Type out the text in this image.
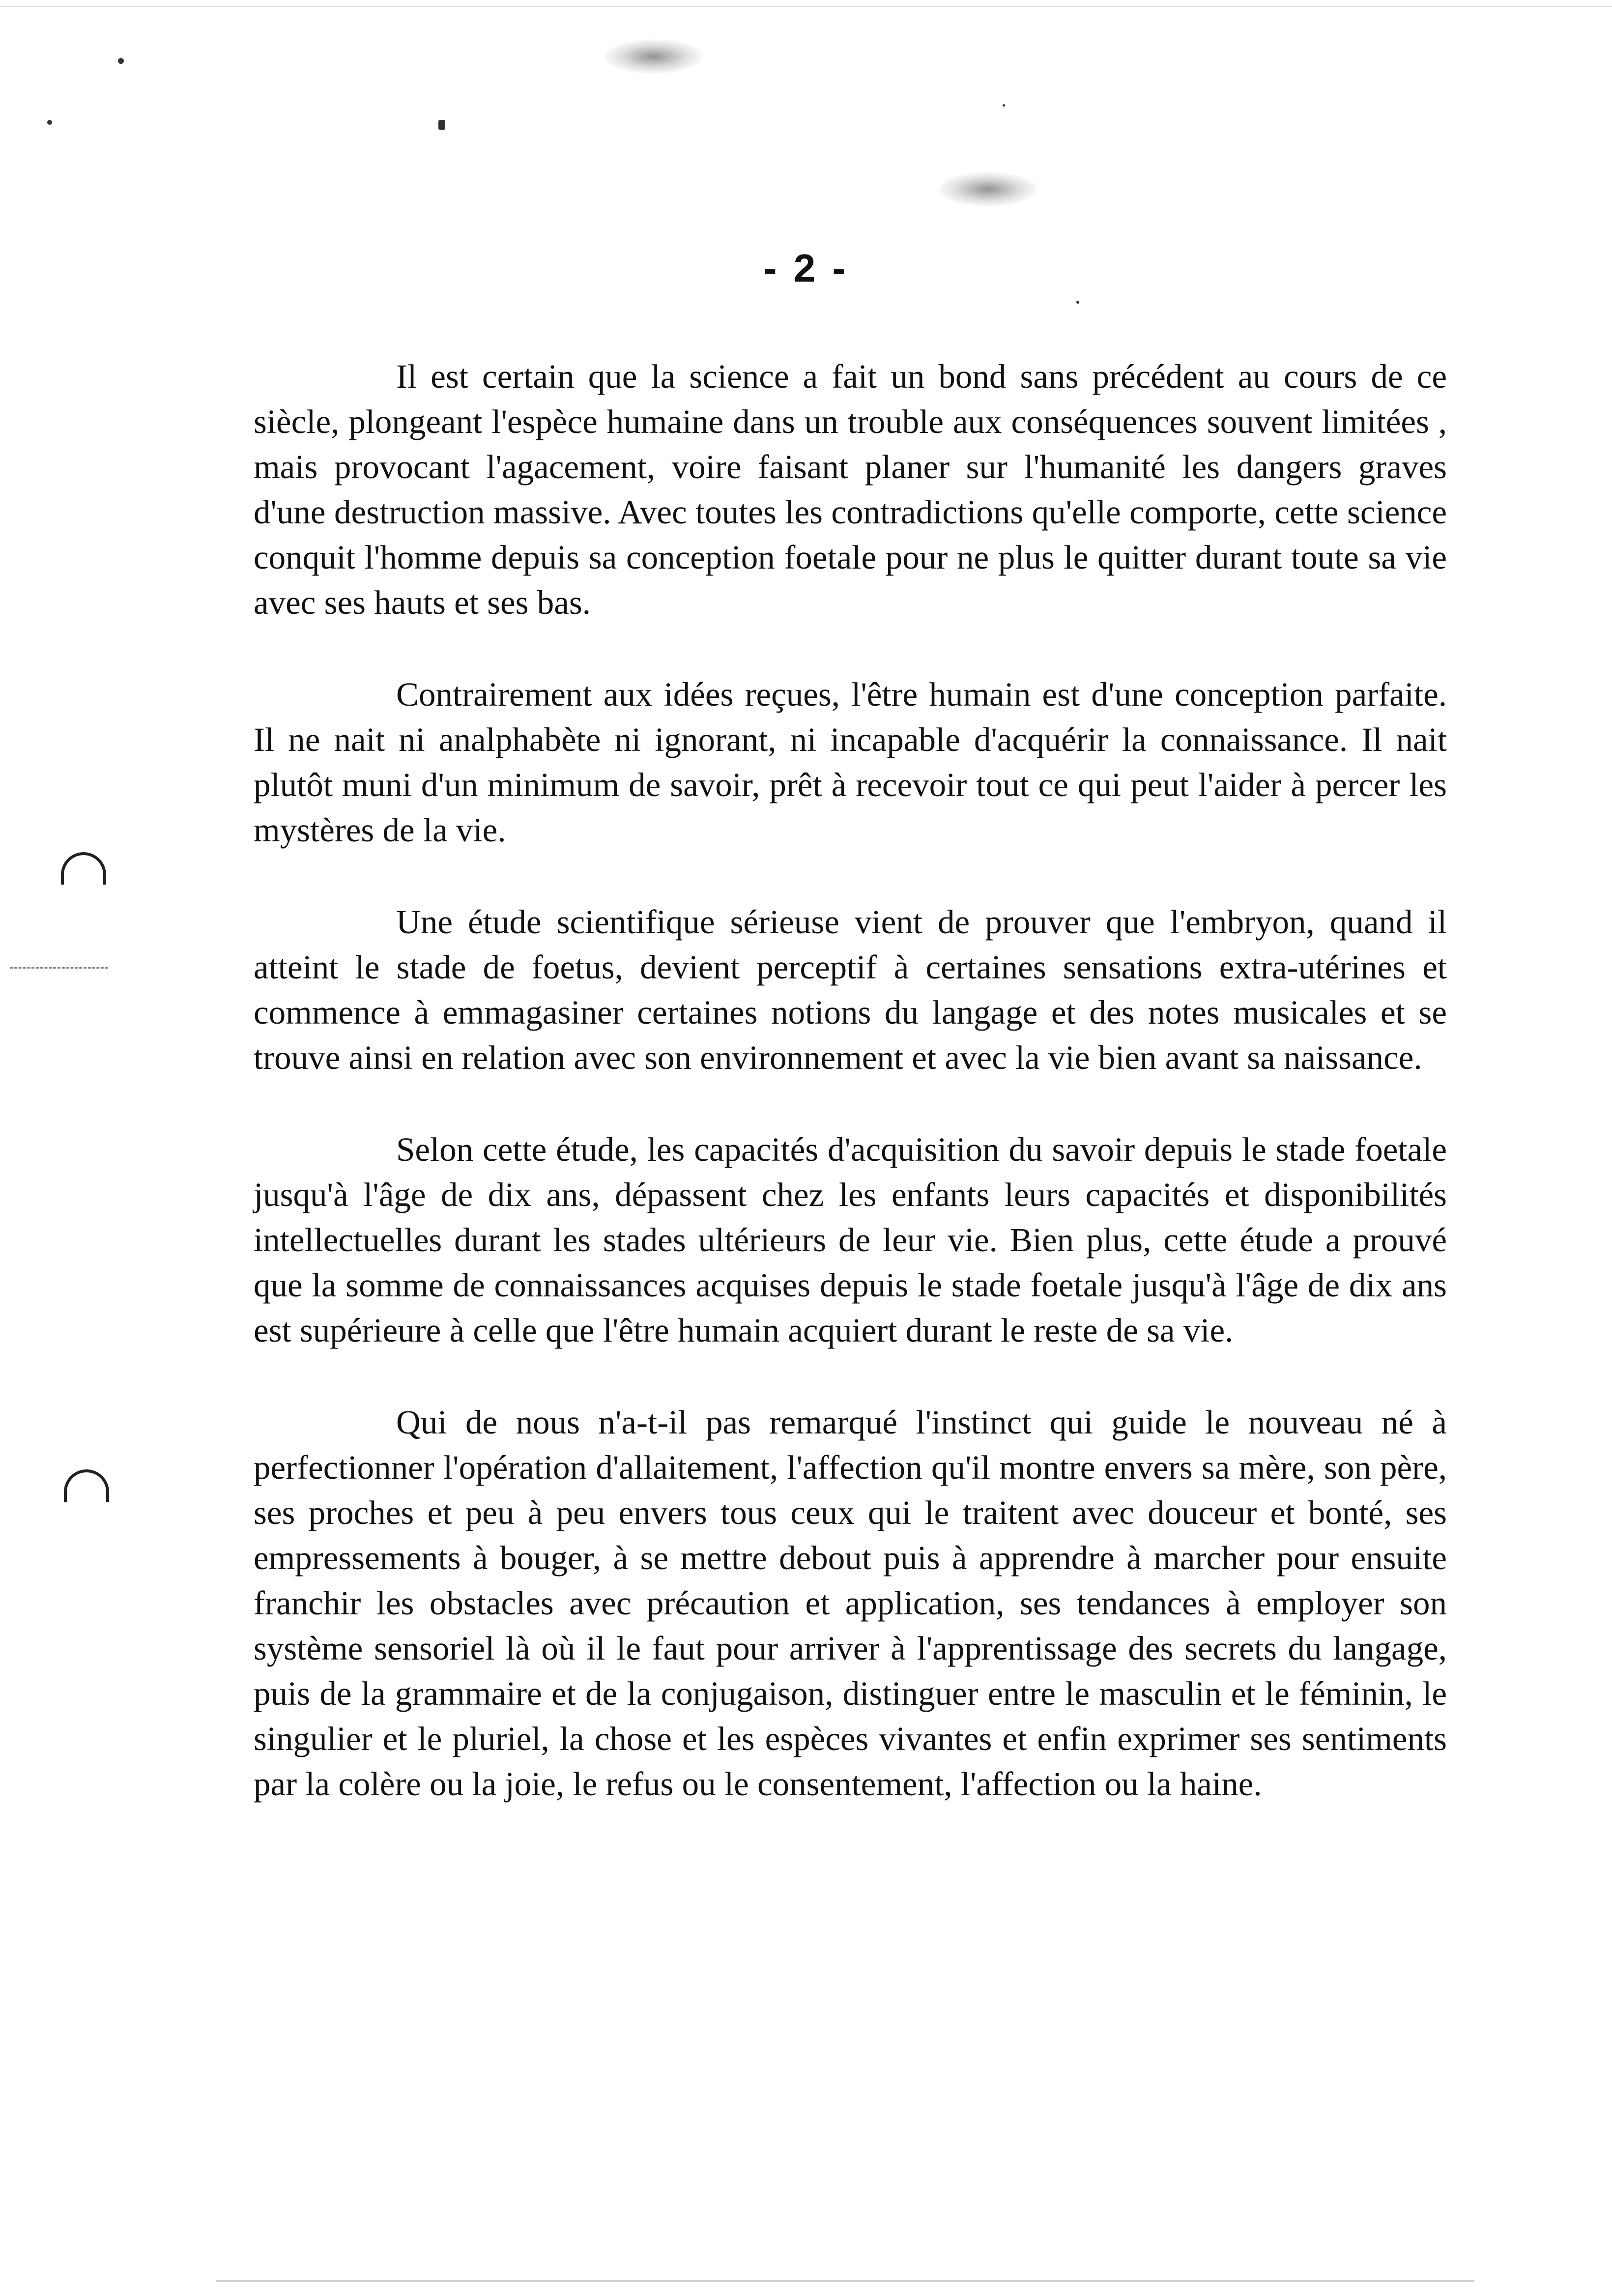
- 2 -

Il est certain que la science a fait un bond sans précédent au cours de ce siècle, plongeant l'espèce humaine dans un trouble aux conséquences souvent limitées , mais provocant l'agacement, voire faisant planer sur l'humanité les dangers graves d'une destruction massive. Avec toutes les contradictions qu'elle comporte, cette science conquit l'homme depuis sa conception foetale pour ne plus le quitter durant toute sa vie avec ses hauts et ses bas.

Contrairement aux idées reçues, l'être humain est d'une conception parfaite. Il ne nait ni analphabète ni ignorant, ni incapable d'acquérir la connaissance. Il nait plutôt muni d'un minimum de savoir, prêt à recevoir tout ce qui peut l'aider à percer les mystères de la vie.

Une étude scientifique sérieuse vient de prouver que l'embryon, quand il atteint le stade de foetus, devient perceptif à certaines sensations extra-utérines et commence à emmagasiner certaines notions du langage et des notes musicales et se trouve ainsi en relation avec son environnement et avec la vie bien avant sa naissance.

Selon cette étude, les capacités d'acquisition du savoir depuis le stade foetale jusqu'à l'âge de dix ans, dépassent chez les enfants leurs capacités et disponibilités intellectuelles durant les stades ultérieurs de leur vie. Bien plus, cette étude a prouvé que la somme de connaissances acquises depuis le stade foetale jusqu'à l'âge de dix ans est supérieure à celle que l'être humain acquiert durant le reste de sa vie.

Qui de nous n'a-t-il pas remarqué l'instinct qui guide le nouveau né à perfectionner l'opération d'allaitement, l'affection qu'il montre envers sa mère, son père, ses proches et peu à peu envers tous ceux qui le traitent avec douceur et bonté, ses empressements à bouger, à se mettre debout puis à apprendre à marcher pour ensuite franchir les obstacles avec précaution et application, ses tendances à employer son système sensoriel là où il le faut pour arriver à l'apprentissage des secrets du langage, puis de la grammaire et de la conjugaison, distinguer entre le masculin et le féminin, le singulier et le pluriel, la chose et les espèces vivantes et enfin exprimer ses sentiments par la colère ou la joie, le refus ou le consentement, l'affection ou la haine.
